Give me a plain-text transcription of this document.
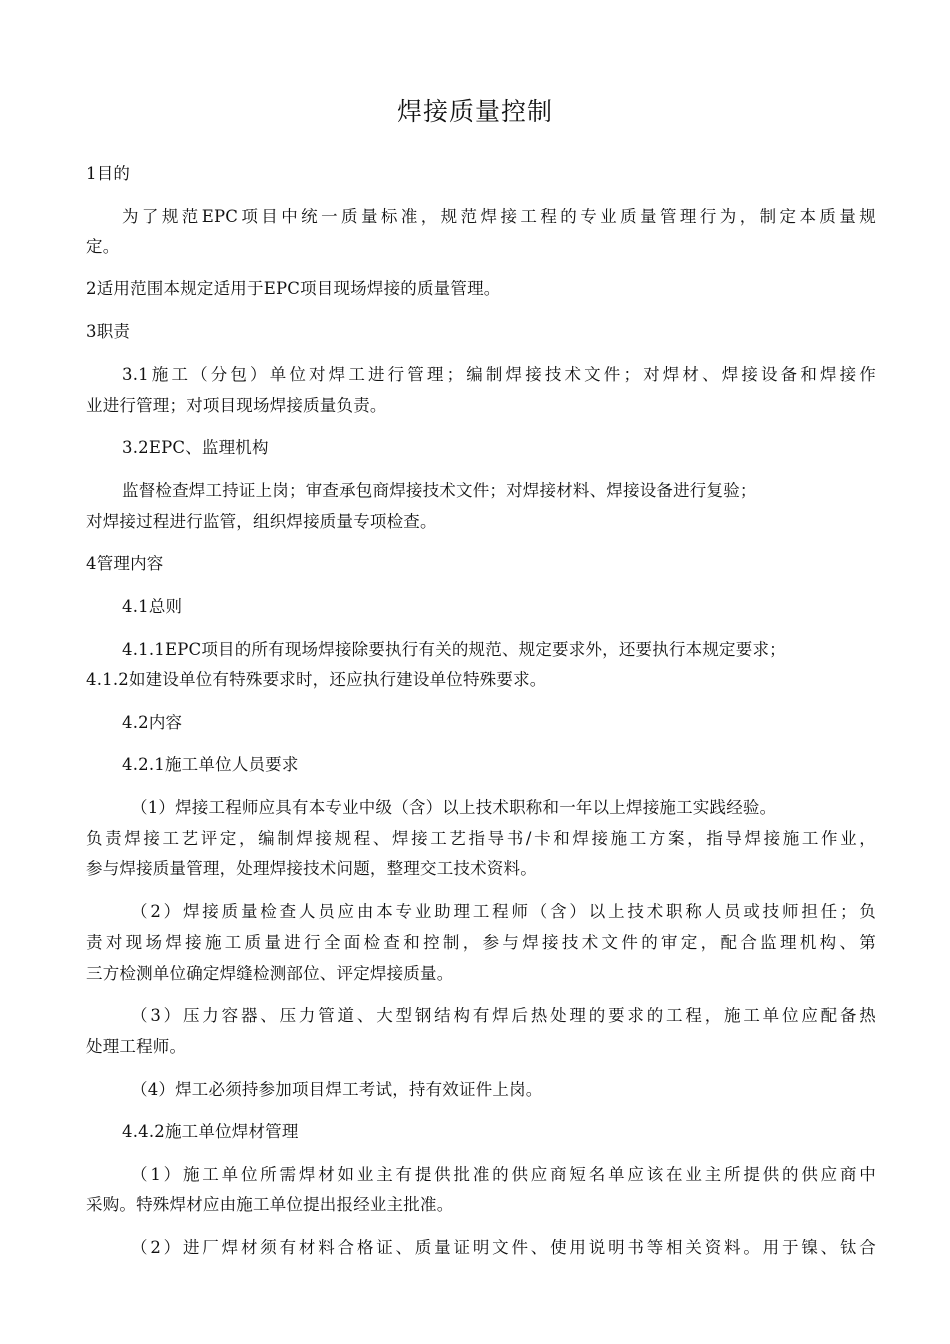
焊接质量控制
1目的
为了规范EPC项目中统一质量标准，规范焊接工程的专业质量管理行为，制定本质量规
定。
2适用范围本规定适用于EPC项目现场焊接的质量管理。
3职责
3.1施工（分包）单位对焊工进行管理；编制焊接技术文件；对焊材、焊接设备和焊接作
业进行管理；对项目现场焊接质量负责。
3.2EPC、监理机构
监督检查焊工持证上岗；审查承包商焊接技术文件；对焊接材料、焊接设备进行复验；
对焊接过程进行监管，组织焊接质量专项检查。
4管理内容
4.1总则
4.1.1EPC项目的所有现场焊接除要执行有关的规范、规定要求外，还要执行本规定要求；
4.1.2如建设单位有特殊要求时，还应执行建设单位特殊要求。
4.2内容
4.2.1施工单位人员要求
（1）焊接工程师应具有本专业中级（含）以上技术职称和一年以上焊接施工实践经验。
负责焊接工艺评定，编制焊接规程、焊接工艺指导书/卡和焊接施工方案，指导焊接施工作业，
参与焊接质量管理，处理焊接技术问题，整理交工技术资料。
（2）焊接质量检查人员应由本专业助理工程师（含）以上技术职称人员或技师担任；负
责对现场焊接施工质量进行全面检查和控制，参与焊接技术文件的审定，配合监理机构、第
三方检测单位确定焊缝检测部位、评定焊接质量。
（3）压力容器、压力管道、大型钢结构有焊后热处理的要求的工程，施工单位应配备热
处理工程师。
（4）焊工必须持参加项目焊工考试，持有效证件上岗。
4.4.2施工单位焊材管理
（1）施工单位所需焊材如业主有提供批准的供应商短名单应该在业主所提供的供应商中
采购。特殊焊材应由施工单位提出报经业主批准。
（2）进厂焊材须有材料合格证、质量证明文件、使用说明书等相关资料。用于镍、钛合
